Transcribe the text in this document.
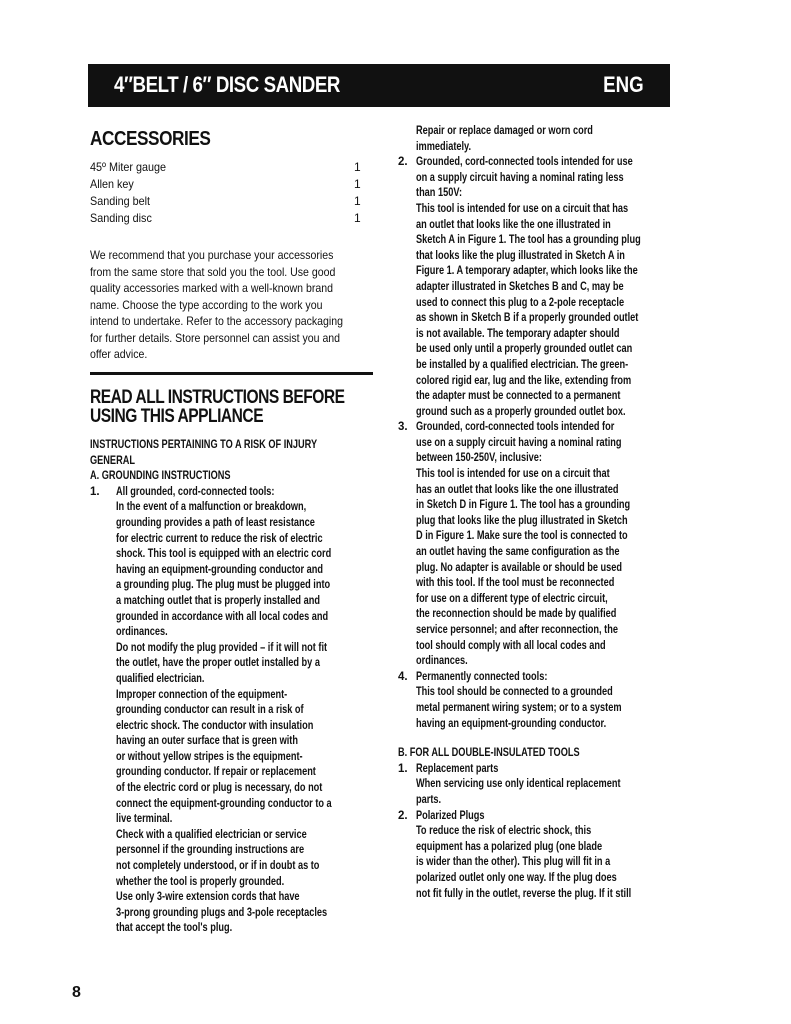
4″BELT / 6″ DISC SANDER	ENG
ACCESSORIES
45º Miter gauge	1
Allen key	1
Sanding belt	1
Sanding disc	1
We recommend that you purchase your accessories
from the same store that sold you the tool. Use good
quality accessories marked with a well-known brand
name. Choose the type according to the work you
intend to undertake. Refer to the accessory packaging
for further details. Store personnel can assist you and
offer advice.
READ ALL INSTRUCTIONS BEFORE
USING THIS APPLIANCE
INSTRUCTIONS PERTAINING TO A RISK OF INJURY
GENERAL
A. GROUNDING INSTRUCTIONS
1. All grounded, cord-connected tools:
In the event of a malfunction or breakdown,
grounding provides a path of least resistance
for electric current to reduce the risk of electric
shock. This tool is equipped with an electric cord
having an equipment-grounding conductor and
a grounding plug. The plug must be plugged into
a matching outlet that is properly installed and
grounded in accordance with all local codes and
ordinances.
Do not modify the plug provided – if it will not fit
the outlet, have the proper outlet installed by a
qualified electrician.
Improper connection of the equipment-
grounding conductor can result in a risk of
electric shock. The conductor with insulation
having an outer surface that is green with
or without yellow stripes is the equipment-
grounding conductor. If repair or replacement
of the electric cord or plug is necessary, do not
connect the equipment-grounding conductor to a
live terminal.
Check with a qualified electrician or service
personnel if the grounding instructions are
not completely understood, or if in doubt as to
whether the tool is properly grounded.
Use only 3-wire extension cords that have
3-prong grounding plugs and 3-pole receptacles
that accept the tool's plug.
Repair or replace damaged or worn cord
immediately.
2. Grounded, cord-connected tools intended for use
on a supply circuit having a nominal rating less
than 150V:
This tool is intended for use on a circuit that has
an outlet that looks like the one illustrated in
Sketch A in Figure 1. The tool has a grounding plug
that looks like the plug illustrated in Sketch A in
Figure 1. A temporary adapter, which looks like the
adapter illustrated in Sketches B and C, may be
used to connect this plug to a 2-pole receptacle
as shown in Sketch B if a properly grounded outlet
is not available. The temporary adapter should
be used only until a properly grounded outlet can
be installed by a qualified electrician. The green-
colored rigid ear, lug and the like, extending from
the adapter must be connected to a permanent
ground such as a properly grounded outlet box.
3. Grounded, cord-connected tools intended for
use on a supply circuit having a nominal rating
between 150-250V, inclusive:
This tool is intended for use on a circuit that
has an outlet that looks like the one illustrated
in Sketch D in Figure 1. The tool has a grounding
plug that looks like the plug illustrated in Sketch
D in Figure 1. Make sure the tool is connected to
an outlet having the same configuration as the
plug. No adapter is available or should be used
with this tool. If the tool must be reconnected
for use on a different type of electric circuit,
the reconnection should be made by qualified
service personnel; and after reconnection, the
tool should comply with all local codes and
ordinances.
4. Permanently connected tools:
This tool should be connected to a grounded
metal permanent wiring system; or to a system
having an equipment-grounding conductor.
B. FOR ALL DOUBLE-INSULATED TOOLS
1. Replacement parts
When servicing use only identical replacement
parts.
2. Polarized Plugs
To reduce the risk of electric shock, this
equipment has a polarized plug (one blade
is wider than the other). This plug will fit in a
polarized outlet only one way. If the plug does
not fit fully in the outlet, reverse the plug. If it still
8
